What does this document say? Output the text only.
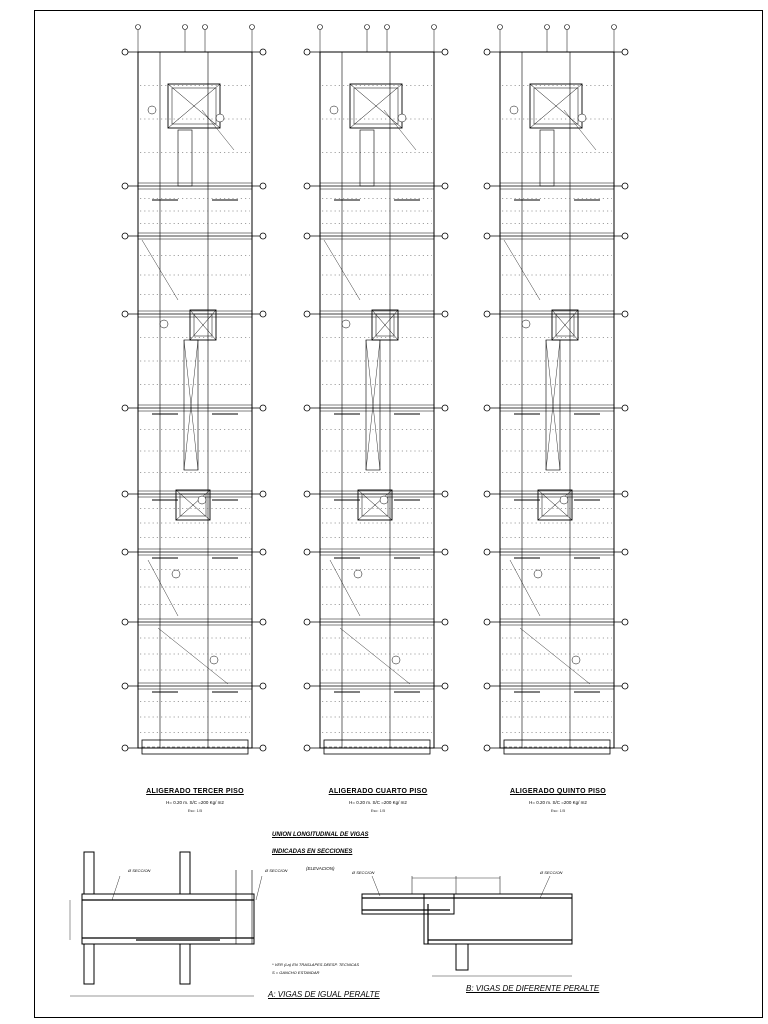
ALIGERADO TERCER PISO
H= 0.20 m. S/C =200 Kg/ m2
Esc: 1/5
ALIGERADO CUARTO PISO
H= 0.20 m. S/C =200 Kg/ m2
Esc: 1/5
ALIGERADO QUINTO PISO
H= 0.20 m. S/C =200 Kg/ m2
Esc: 1/5
UNION LONGITUDINAL DE VIGAS
INDICADAS EN SECCIONES
(ELEVACION)
* VER (La) EN TRASLAPES DEESP. TECNICAS
S = GANCHO ESTANDAR
A: VIGAS DE IGUAL PERALTE
B: VIGAS DE DIFERENTE PERALTE
Ø SECCION	Ø SECCION	Ø SECCION	Ø SECCION
